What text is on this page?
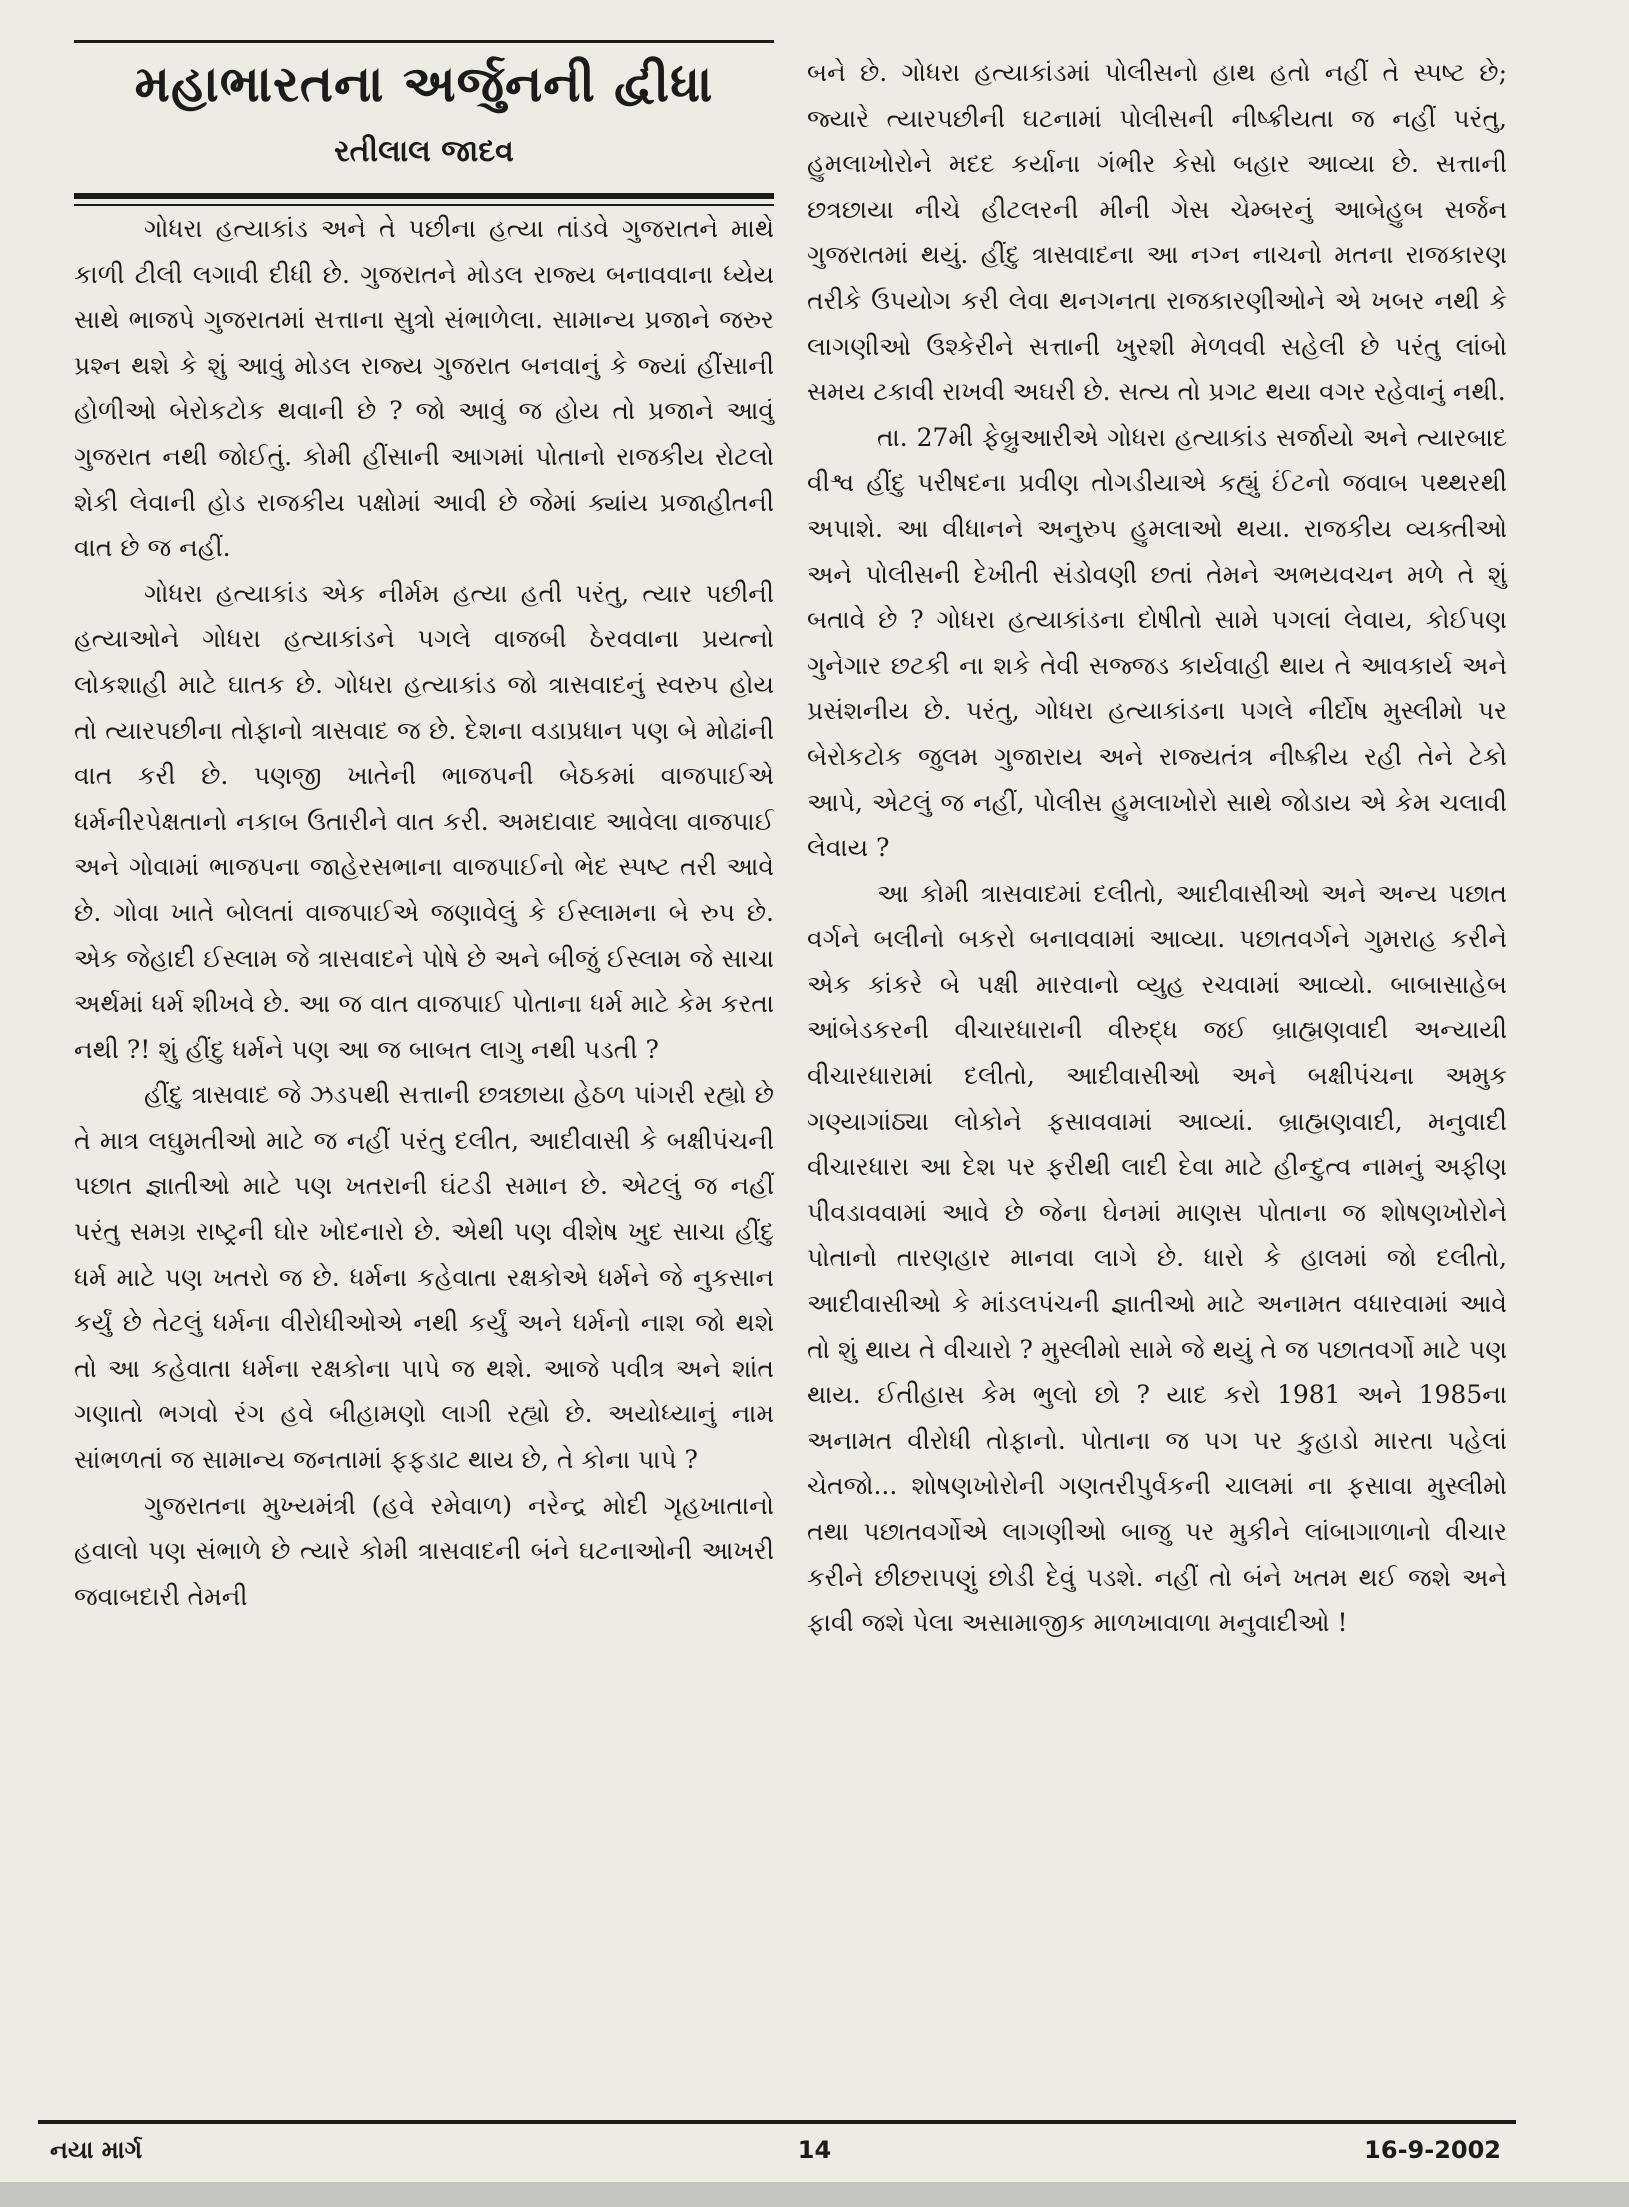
મહાભારતના અર્જુનની દ્વીધા
રતીલાલ જાદવ

ગોધરા હત્યાકાંડ અને તે પછીના હત્યા તાંડવે ગુજરાતને માથે કાળી ટીલી લગાવી દીધી છે. ગુજરાતને મોડલ રાજ્ય બનાવવાના ધ્યેય સાથે ભાજપે ગુજરાતમાં સત્તાના સુત્રો સંભાળેલા. સામાન્ય પ્રજાને જરુર પ્રશ્ન થશે કે શું આવું મોડલ રાજ્ય ગુજરાત બનવાનું કે જ્યાં હીંસાની હોળીઓ બેરોકટોક થવાની છે ? જો આવું જ હોય તો પ્રજાને આવું ગુજરાત નથી જોઈતું. કોમી હીંસાની આગમાં પોતાનો રાજકીય રોટલો શેકી લેવાની હોડ રાજકીય પક્ષોમાં આવી છે જેમાં ક્યાંય પ્રજાહીતની વાત છે જ નહીં.

ગોધરા હત્યાકાંડ એક નીર્મમ હત્યા હતી પરંતુ, ત્યાર પછીની હત્યાઓને ગોધરા હત્યાકાંડને પગલે વાજબી ઠેરવવાના પ્રયત્નો લોકશાહી માટે ઘાતક છે. ગોધરા હત્યાકાંડ જો ત્રાસવાદનું સ્વરુપ હોય તો ત્યારપછીના તોફાનો ત્રાસવાદ જ છે. દેશના વડાપ્રધાન પણ બે મોઢાંની વાત કરી છે. પણજી ખાતેની ભાજપની બેઠકમાં વાજપાઈએ ધર્મનીરપેક્ષતાનો નકાબ ઉતારીને વાત કરી. અમદાવાદ આવેલા વાજપાઈ અને ગોવામાં ભાજપના જાહેરસભાના વાજપાઈનો ભેદ સ્પષ્ટ તરી આવે છે. ગોવા ખાતે બોલતાં વાજપાઈએ જણાવેલું કે ઈસ્લામના બે રુપ છે. એક જેહાદી ઈસ્લામ જે ત્રાસવાદને પોષે છે અને બીજું ઈસ્લામ જે સાચા અર્થમાં ધર્મ શીખવે છે. આ જ વાત વાજપાઈ પોતાના ધર્મ માટે કેમ કરતા નથી ?! શું હીંદુ ધર્મને પણ આ જ બાબત લાગુ નથી પડતી ?

હીંદુ ત્રાસવાદ જે ઝડપથી સત્તાની છત્રછાયા હેઠળ પાંગરી રહ્યો છે તે માત્ર લઘુમતીઓ માટે જ નહીં પરંતુ દલીત, આદીવાસી કે બક્ષીપંચની પછાત જ્ઞાતીઓ માટે પણ ખતરાની ઘંટડી સમાન છે. એટલું જ નહીં પરંતુ સમગ્ર રાષ્ટ્રની ઘોર ખોદનારો છે. એથી પણ વીશેષ ખુદ સાચા હીંદુ ધર્મ માટે પણ ખતરો જ છે. ધર્મના કહેવાતા રક્ષકોએ ધર્મને જે નુકસાન કર્યું છે તેટલું ધર્મના વીરોધીઓએ નથી કર્યું અને ધર્મનો નાશ જો થશે તો આ કહેવાતા ધર્મના રક્ષકોના પાપે જ થશે. આજે પવીત્ર અને શાંત ગણાતો ભગવો રંગ હવે બીહામણો લાગી રહ્યો છે. અયોધ્યાનું નામ સાંભળતાં જ સામાન્ય જનતામાં ફફડાટ થાય છે, તે કોના પાપે ?

ગુજરાતના મુખ્યમંત્રી (હવે રમેવાળ) નરેન્દ્ર મોદી ગૃહખાતાનો હવાલો પણ સંભાળે છે ત્યારે કોમી ત્રાસવાદની બંને ઘટનાઓની આખરી જવાબદારી તેમની

બને છે. ગોધરા હત્યાકાંડમાં પોલીસનો હાથ હતો નહીં તે સ્પષ્ટ છે; જ્યારે ત્યારપછીની ઘટનામાં પોલીસની નીષ્ક્રીયતા જ નહીં પરંતુ, હુમલાખોરોને મદદ કર્યાના ગંભીર કેસો બહાર આવ્યા છે. સત્તાની છત્રછાયા નીચે હીટલરની મીની ગેસ ચેમ્બરનું આબેહુબ સર્જન ગુજરાતમાં થયું. હીંદુ ત્રાસવાદના આ નગ્ન નાચનો મતના રાજકારણ તરીકે ઉપયોગ કરી લેવા થનગનતા રાજકારણીઓને એ ખબર નથી કે લાગણીઓ ઉશ્કેરીને સત્તાની ખુરશી મેળવવી સહેલી છે પરંતુ લાંબો સમય ટકાવી રાખવી અઘરી છે. સત્ય તો પ્રગટ થયા વગર રહેવાનું નથી.

તા. 27મી ફેબ્રુઆરીએ ગોધરા હત્યાકાંડ સર્જાયો અને ત્યારબાદ વીશ્વ હીંદુ પરીષદના પ્રવીણ તોગડીયાએ કહ્યું ઈંટનો જવાબ પથ્થરથી અપાશે. આ વીધાનને અનુરુપ હુમલાઓ થયા. રાજકીય વ્યક્તીઓ અને પોલીસની દેખીતી સંડોવણી છતાં તેમને અભયવચન મળે તે શું બતાવે છે ? ગોધરા હત્યાકાંડના દોષીતો સામે પગલાં લેવાય, કોઈપણ ગુનેગાર છટકી ના શકે તેવી સજ્જડ કાર્યવાહી થાય તે આવકાર્ય અને પ્રસંશનીય છે. પરંતુ, ગોધરા હત્યાકાંડના પગલે નીર્દોષ મુસ્લીમો પર બેરોકટોક જુલમ ગુજારાય અને રાજ્યતંત્ર નીષ્ક્રીય રહી તેને ટેકો આપે, એટલું જ નહીં, પોલીસ હુમલાખોરો સાથે જોડાય એ કેમ ચલાવી લેવાય ?

આ કોમી ત્રાસવાદમાં દલીતો, આદીવાસીઓ અને અન્ય પછાત વર્ગને બલીનો બકરો બનાવવામાં આવ્યા. પછાતવર્ગને ગુમરાહ કરીને એક કાંકરે બે પક્ષી મારવાનો વ્યુહ રચવામાં આવ્યો. બાબાસાહેબ આંબેડકરની વીચારધારાની વીરુદ્ધ જઈ બ્રાહ્મણવાદી અન્યાયી વીચારધારામાં દલીતો, આદીવાસીઓ અને બક્ષીપંચના અમુક ગણ્યાગાંઠ્યા લોકોને ફસાવવામાં આવ્યાં. બ્રાહ્મણવાદી, મનુવાદી વીચારધારા આ દેશ પર ફરીથી લાદી દેવા માટે હીન્દુત્વ નામનું અફીણ પીવડાવવામાં આવે છે જેના ઘેનમાં માણસ પોતાના જ શોષણખોરોને પોતાનો તારણહાર માનવા લાગે છે. ધારો કે હાલમાં જો દલીતો, આદીવાસીઓ કે માંડલપંચની જ્ઞાતીઓ માટે અનામત વધારવામાં આવે તો શું થાય તે વીચારો ? મુસ્લીમો સામે જે થયું તે જ પછાતવર્ગો માટે પણ થાય. ઈતીહાસ કેમ ભુલો છો ? યાદ કરો 1981 અને 1985ના અનામત વીરોધી તોફાનો. પોતાના જ પગ પર કુહાડો મારતા પહેલાં ચેતજો... શોષણખોરોની ગણતરીપુર્વકની ચાલમાં ના ફસાવા મુસ્લીમો તથા પછાતવર્ગોએ લાગણીઓ બાજુ પર મુકીને લાંબાગાળાનો વીચાર કરીને છીછરાપણું છોડી દેવું પડશે. નહીં તો બંને ખતમ થઈ જશે અને ફાવી જશે પેલા અસામાજીક માળખાવાળા મનુવાદીઓ !

નયા માર્ગ	14	16-9-2002
